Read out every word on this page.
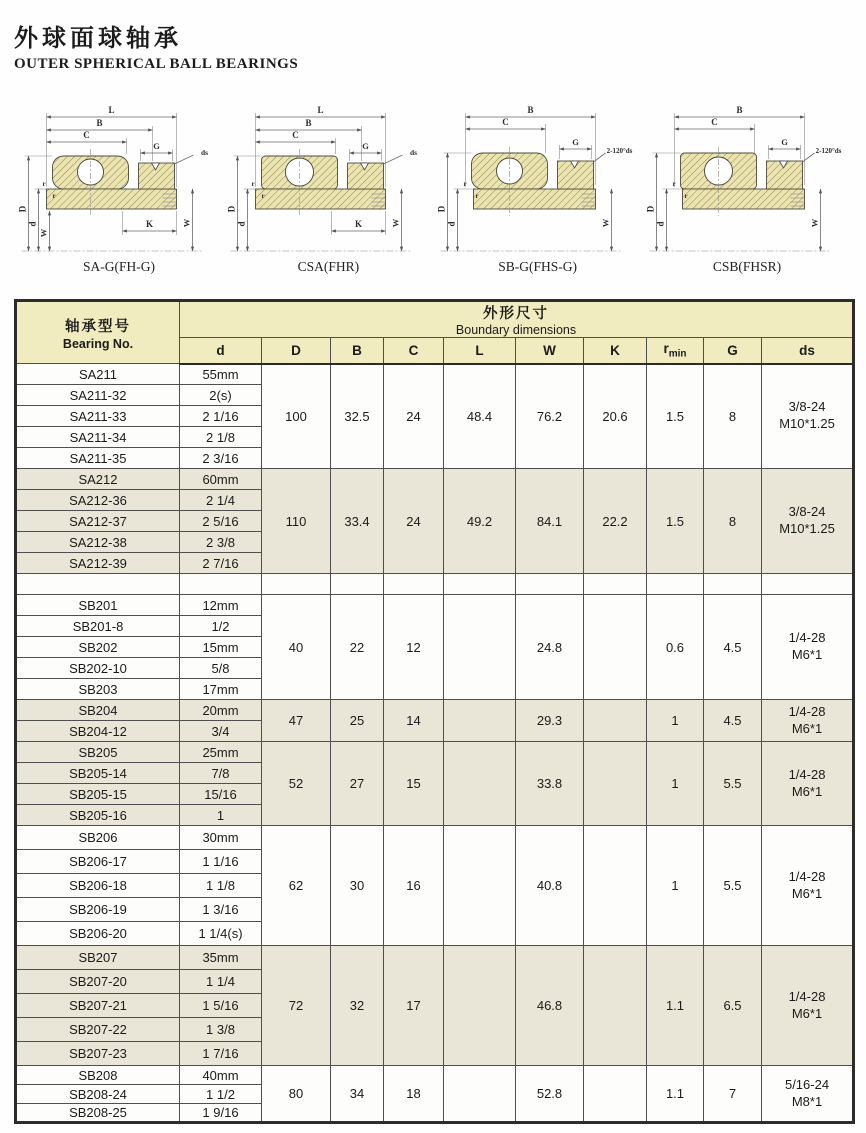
外球面球轴承
OUTER SPHERICAL BALL BEARINGS
L
B
C
G
ds
D
d
W
W
K
r
r
SA-G(FH-G)
L
B
C
G
ds
D
d	W
K
r
r
CSA(FHR)
B
C
G
2-120°ds
D
d	W
r
r
SB-G(FHS-G)
B
C
G
2-120°ds
D
d	W
r
r
CSB(FHSR)
轴承型号
Bearing No.

外形尺寸
Boundary dimensions

	d	D	B	C	L	W	K	$r_{min}$	G	ds
SA211	55mm	100	32.5	24	48.4	76.2	20.6	1.5	8	3/8-24
M10*1.25
SA211-32	2(s)									
SA211-33	2 1/16									
SA211-34	2 1/8									
SA211-35	2 3/16									
SA212	60mm	110	33.4	24	49.2	84.1	22.2	1.5	8	3/8-24
M10*1.25
SA212-36	2 1/4									
SA212-37	2 5/16									
SA212-38	2 3/8									
SA212-39	2 7/16									

SB201	12mm	40	22	12		24.8		0.6	4.5	1/4-28
M6*1
SB201-8	1/2									
SB202	15mm									
SB202-10	5/8									
SB203	17mm									
SB204	20mm	47	25	14		29.3		1	4.5	1/4-28
M6*1
SB204-12	3/4									
SB205	25mm	52	27	15		33.8		1	5.5	1/4-28
M6*1
SB205-14	7/8									
SB205-15	15/16									
SB205-16	1									
SB206	30mm	62	30	16		40.8		1	5.5	1/4-28
M6*1
SB206-17	1 1/16									
SB206-18	1 1/8									
SB206-19	1 3/16									
SB206-20	1 1/4(s)									
SB207	35mm	72	32	17		46.8		1.1	6.5	1/4-28
M6*1
SB207-20	1 1/4									
SB207-21	1 5/16									
SB207-22	1 3/8									
SB207-23	1 7/16									
SB208	40mm	80	34	18		52.8		1.1	7	5/16-24
M8*1
SB208-24	1 1/2									
SB208-25	1 9/16									
